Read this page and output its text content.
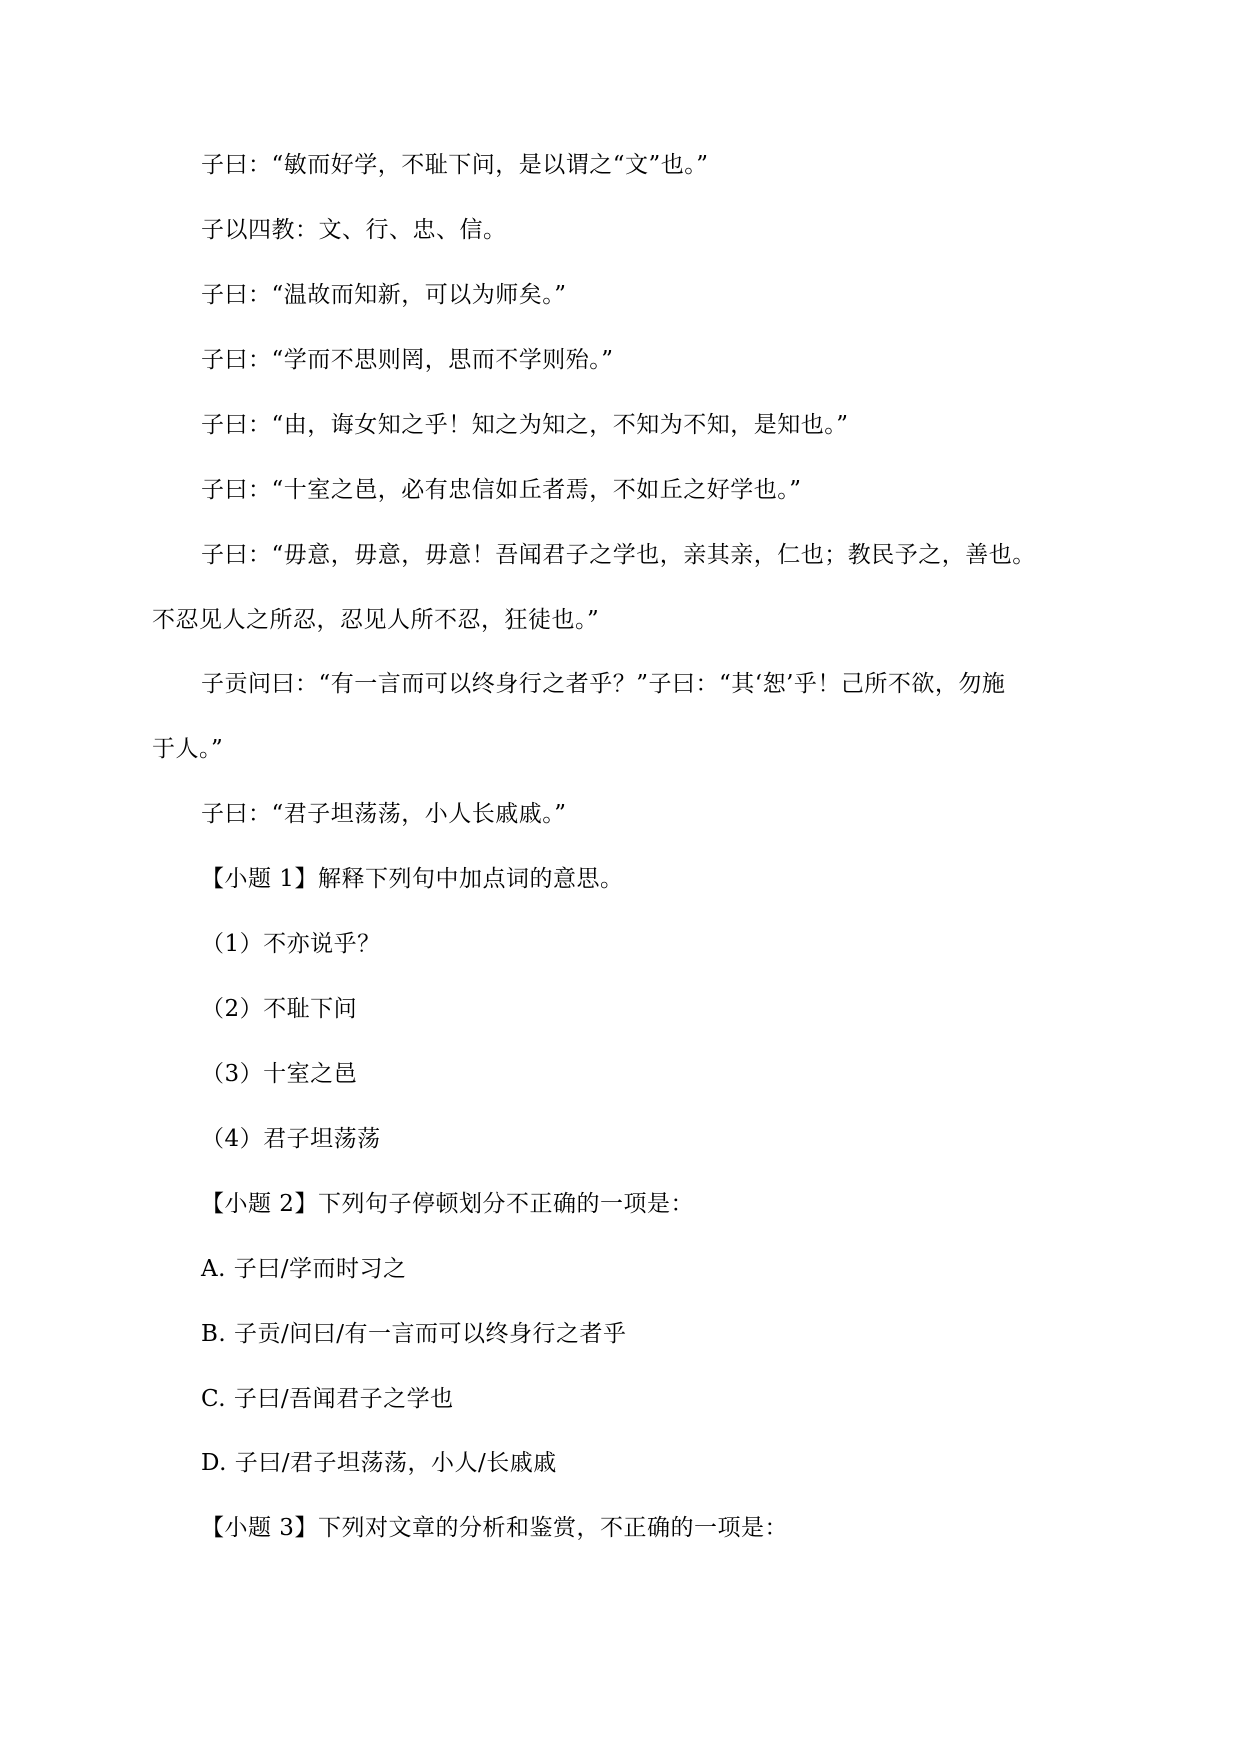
子曰：“敏而好学，不耻下问，是以谓之“文”也。”
子以四教：文、行、忠、信。
子曰：“温故而知新，可以为师矣。”
子曰：“学而不思则罔，思而不学则殆。”
子曰：“由，诲女知之乎！知之为知之，不知为不知，是知也。”
子曰：“十室之邑，必有忠信如丘者焉，不如丘之好学也。”
子曰：“毋意，毋意，毋意！吾闻君子之学也，亲其亲，仁也；教民予之，善也。
不忍见人之所忍，忍见人所不忍，狂徒也。”
子贡问曰：“有一言而可以终身行之者乎？”子曰：“其‘恕’乎！己所不欲，勿施
于人。”
子曰：“君子坦荡荡，小人长戚戚。”
【小题 1】解释下列句中加点词的意思。
（1）不亦说乎？
（2）不耻下问
（3）十室之邑
（4）君子坦荡荡
【小题 2】下列句子停顿划分不正确的一项是：
A. 子曰/学而时习之
B. 子贡/问曰/有一言而可以终身行之者乎
C. 子曰/吾闻君子之学也
D. 子曰/君子坦荡荡，小人/长戚戚
【小题 3】下列对文章的分析和鉴赏，不正确的一项是：
